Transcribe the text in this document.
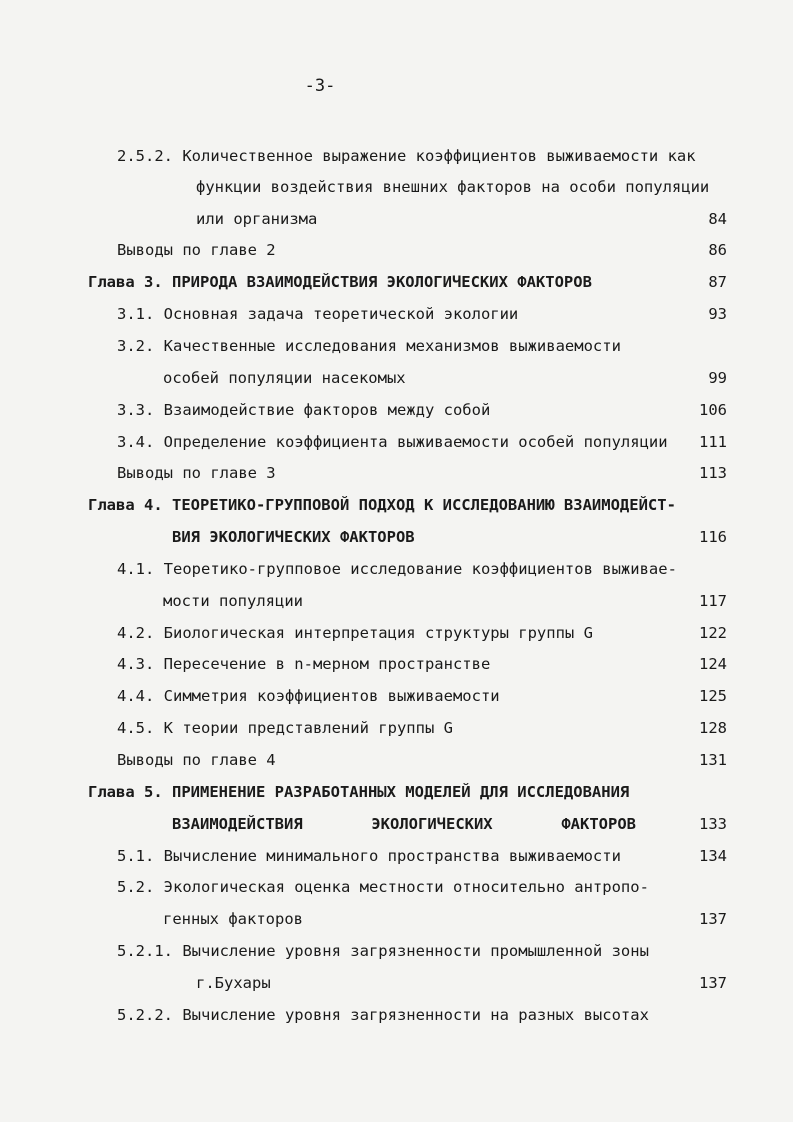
-3-
2.5.2. Количественное выражение коэффициентов выживаемости как
функции воздействия внешних факторов на особи популяции
или организма	84
Выводы по главе 2	86
Глава 3. ПРИРОДА ВЗАИМОДЕЙСТВИЯ ЭКОЛОГИЧЕСКИХ ФАКТОРОВ	87
3.1. Основная задача теоретической экологии	93
3.2. Качественные исследования механизмов выживаемости
особей популяции насекомых	99
3.3. Взаимодействие факторов между собой	106
3.4. Определение коэффициента выживаемости особей популяции 111
Выводы по главе 3	113
Глава 4. ТЕОРЕТИКО-ГРУППОВОЙ ПОДХОД К ИССЛЕДОВАНИЮ ВЗАИМОДЕЙСТ-
ВИЯ ЭКОЛОГИЧЕСКИХ ФАКТОРОВ	116
4.1. Теоретико-групповое исследование коэффициентов выживае-
мости популяции	117
4.2. Биологическая интерпретация структуры группы G	122
4.3. Пересечение в n-мерном пространстве	124
4.4. Симметрия коэффициентов выживаемости	125
4.5. К теории представлений группы G	128
Выводы по главе 4	131
Глава 5. ПРИМЕНЕНИЕ РАЗРАБОТАННЫХ МОДЕЛЕЙ ДЛЯ ИССЛЕДОВАНИЯ
ВЗАИМОДЕЙСТВИЯ	ЭКОЛОГИЧЕСКИХ	ФАКТОРОВ	133
5.1. Вычисление минимального пространства выживаемости	134
5.2. Экологическая оценка местности относительно антропо-
генных факторов	137
5.2.1. Вычисление уровня загрязненности промышленной зоны
г.Бухары	137
5.2.2. Вычисление уровня загрязненности на разных высотах
